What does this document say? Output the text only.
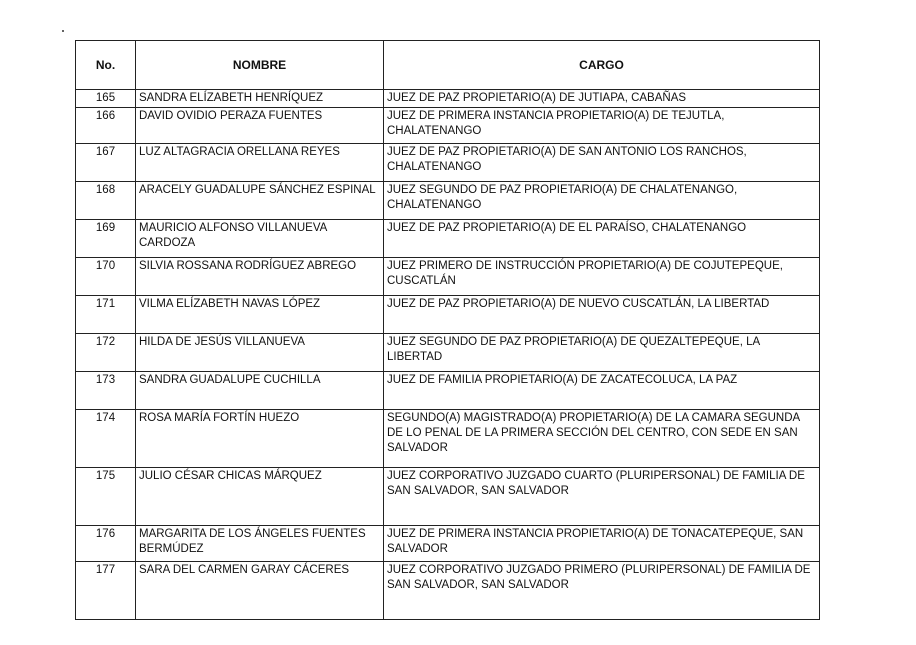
No.	NOMBRE	CARGO
165	SANDRA ELÍZABETH HENRÍQUEZ	JUEZ DE PAZ PROPIETARIO(A) DE JUTIAPA, CABAÑAS
166	DAVID OVIDIO PERAZA FUENTES	JUEZ DE PRIMERA INSTANCIA PROPIETARIO(A) DE TEJUTLA, CHALATENANGO
167	LUZ ALTAGRACIA ORELLANA REYES	JUEZ DE PAZ PROPIETARIO(A) DE SAN ANTONIO LOS RANCHOS, CHALATENANGO
168	ARACELY GUADALUPE SÁNCHEZ ESPINAL	JUEZ SEGUNDO DE PAZ PROPIETARIO(A) DE CHALATENANGO, CHALATENANGO
169	MAURICIO ALFONSO VILLANUEVA CARDOZA	JUEZ DE PAZ PROPIETARIO(A) DE EL PARAÍSO, CHALATENANGO
170	SILVIA ROSSANA RODRÍGUEZ ABREGO	JUEZ PRIMERO DE INSTRUCCIÓN PROPIETARIO(A) DE COJUTEPEQUE, CUSCATLÁN
171	VILMA ELÍZABETH NAVAS LÓPEZ	JUEZ DE PAZ PROPIETARIO(A) DE NUEVO CUSCATLÁN, LA LIBERTAD
172	HILDA DE JESÚS VILLANUEVA	JUEZ SEGUNDO DE PAZ PROPIETARIO(A) DE QUEZALTEPEQUE, LA LIBERTAD
173	SANDRA GUADALUPE CUCHILLA	JUEZ DE FAMILIA PROPIETARIO(A) DE ZACATECOLUCA, LA PAZ
174	ROSA MARÍA FORTÍN HUEZO	SEGUNDO(A) MAGISTRADO(A) PROPIETARIO(A) DE LA CAMARA SEGUNDA DE LO PENAL DE LA PRIMERA SECCIÓN DEL CENTRO, CON SEDE EN SAN SALVADOR
175	JULIO CÉSAR CHICAS MÁRQUEZ	JUEZ CORPORATIVO JUZGADO CUARTO (PLURIPERSONAL) DE FAMILIA DE SAN SALVADOR, SAN SALVADOR
176	MARGARITA DE LOS ÁNGELES FUENTES BERMÚDEZ	JUEZ DE PRIMERA INSTANCIA PROPIETARIO(A) DE TONACATEPEQUE, SAN SALVADOR
177	SARA DEL CARMEN GARAY CÁCERES	JUEZ CORPORATIVO JUZGADO PRIMERO (PLURIPERSONAL) DE FAMILIA DE SAN SALVADOR, SAN SALVADOR
